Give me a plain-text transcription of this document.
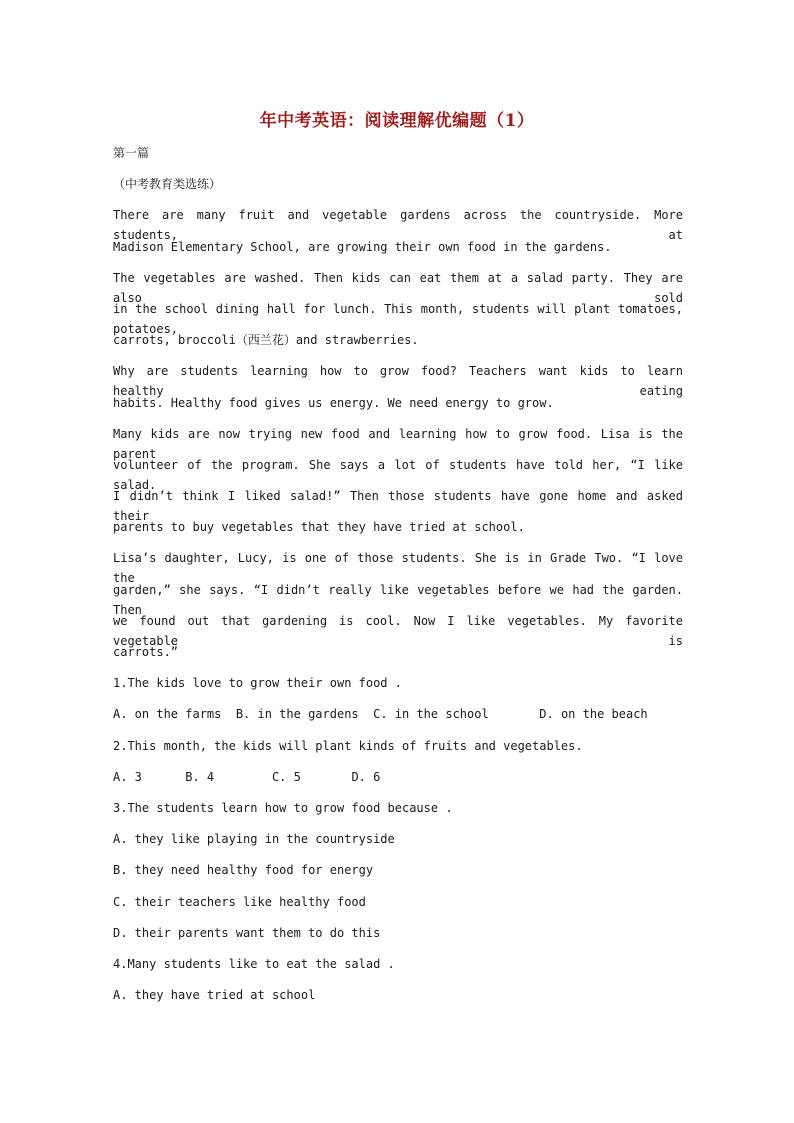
年中考英语：阅读理解优编题（1）
第一篇
（中考教育类选练）
There are many fruit and vegetable gardens across the countryside. More students, at
Madison Elementary School, are growing their own food in the gardens.
The vegetables are washed. Then kids can eat them at a salad party. They are also sold
in the school dining hall for lunch. This month, students will plant tomatoes, potatoes,
carrots, broccoli（西兰花）and strawberries.
Why are students learning how to grow food? Teachers want kids to learn healthy eating
habits. Healthy food gives us energy. We need energy to grow.
Many kids are now trying new food and learning how to grow food. Lisa is the parent
volunteer of the program. She says a lot of students have told her, “I like salad.
I didn’t think I liked salad!” Then those students have gone home and asked their
parents to buy vegetables that they have tried at school.
Lisa’s daughter, Lucy, is one of those students. She is in Grade Two. “I love the
garden,” she says. “I didn’t really like vegetables before we had the garden. Then
we found out that gardening is cool. Now I like vegetables. My favorite vegetable is
carrots.”
1.The kids love to grow their own food .
A. on the farms B. in the gardens C. in the school D. on the beach
2.This month, the kids will plant kinds of fruits and vegetables.
A. 3 B. 4 C. 5 D. 6
3.The students learn how to grow food because .
A. they like playing in the countryside
B. they need healthy food for energy
C. their teachers like healthy food
D. their parents want them to do this
4.Many students like to eat the salad .
A. they have tried at school
